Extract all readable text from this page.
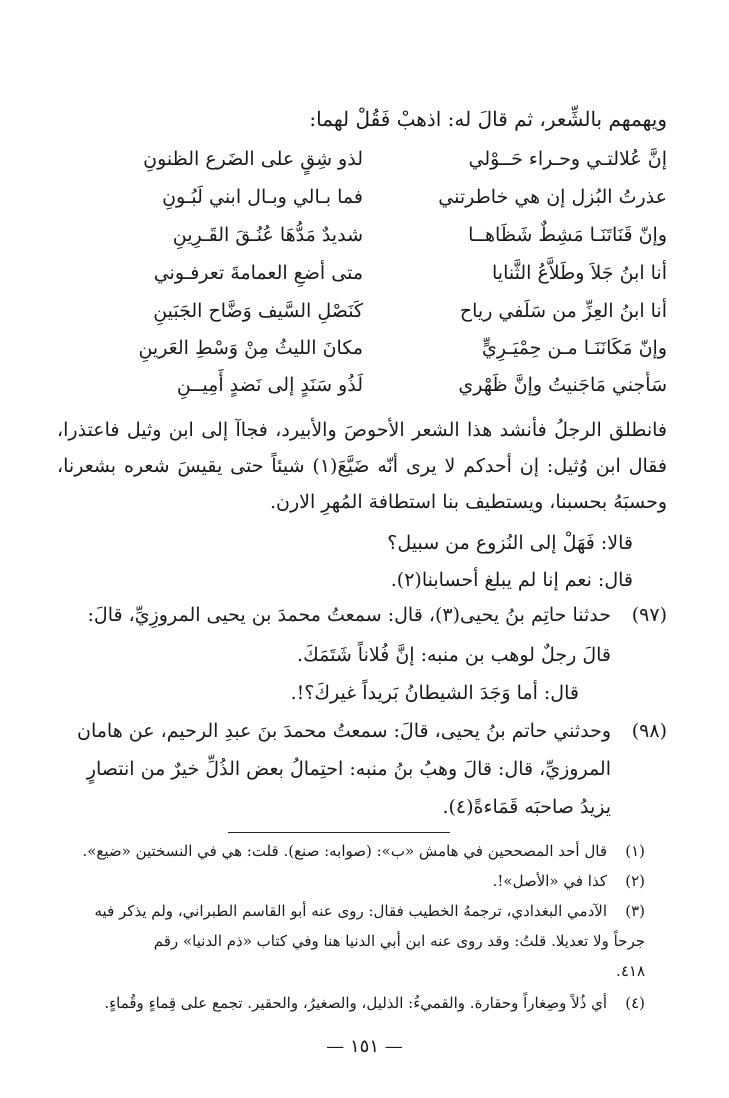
ويهمهم بالشِّعر، ثم قالَ له: اذهبْ فَقُلْ لهما:
إنَّ عُلالتـي وحـراء حَــوْلي
لذو شِقٍ على الضَرع الظنونِ
عذرتُ البُزل إن هي خاطرتني
فما بـالي وبـال ابني لَبُـونِ
وإنّ قَنَاتَنَـا مَشِطٌ شَظَاهــا
شديدٌ مَدُّهَا عُنُـقَ القَـرِينِ
أنا ابنُ جَلاَ وطَلاَّعُ الثَّنايا
متى أضعِ العمامةَ تعرفـوني
أنا ابنُ العِزِّ من سَلَفي رياح
كَنَصْلِ السَّيف وَضَّاح الجَبَينِ
وإنّ مَكَانَنَـا مـن حِمْيَـرِيٍّ
مكانَ الليثُ مِنْ وَسْطِ العَرينِ
سَأجني مَاجَنيتُ وإنَّ ظَهْري
لَذُو سَنَدٍ إلى نَضدٍ أَمِيــنِ
فانطلق الرجلُ فأنشد هذا الشعر الأحوصَ والأبيرد، فجاآ إلى ابن وثيل فاعتذرا، فقال ابن وُثيل: إن أحدكم لا يرى أنّه ضَيَّعَ(١) شيئاً حتى يقيسَ شعره بشعرنا، وحسبَهُ بحسبنا، ويستطيف بنا استطافة المُهرِ الارن.
قالا: فَهَلْ إلى النُزوع من سبيل؟
قال: نعم إنا لم يبلغ أحسابنا(٢).
(٩٧)
حدثنا حاتِم بنُ يحيى(٣)، قال: سمعتُ محمدَ بن يحيى المروزِيِّ، قالَ:
قالَ رجلٌ لوهب بن منبه: إنَّ فُلاناً شَتَمَكَ.
قال: أما وَجَدَ الشيطانُ بَريداً غيركَ؟!.
(٩٨)
وحدثني حاتم بنُ يحيى، قالَ: سمعتُ محمدَ بنَ عبدِ الرحيم، عن هامان
المروزيِّ، قال: قالَ وهبُ بنُ منبه: احتِمالُ بعض الذُلِّ خيرٌ من انتصارٍ
يزيدُ صاحبَه قَمَاءةً(٤).
(١)
قال أحد المصححين في هامش «ب»: (صوابه: صنع). قلت: هي في النسختين «ضيع».
(٢)
كذا في «الأصل»!.
(٣)
الآدمي البغدادي، ترجمهُ الخطيب فقال: روى عنه أبو القاسم الطبراني، ولم يذكر فيه
جرحاً ولا تعديلا. قلتُ: وقد روى عنه ابن أبي الدنيا هنا وفي كتاب «ذم الدنيا» رقم
٤١٨.
(٤)
أي ذُلاً وصِغاراً وحقارة. والقميءُ: الذليل، والصغيرُ، والحقير. تجمع على قِماءٍ وقُماءٍ.
— ١٥١ —
